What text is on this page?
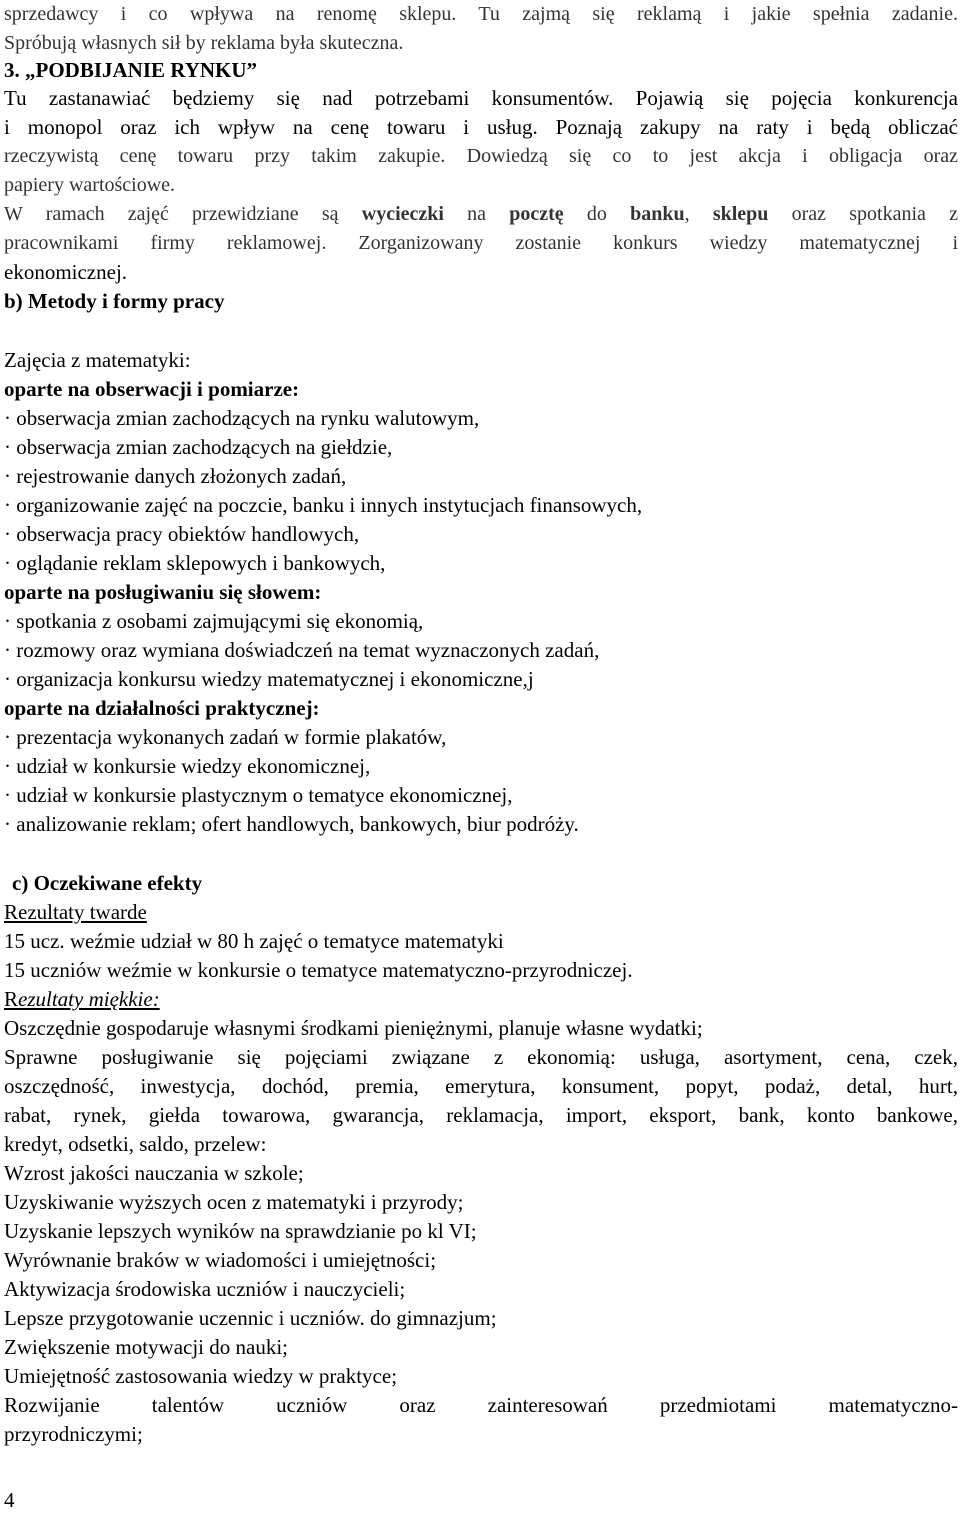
sprzedawcy i co wpływa na renomę sklepu. Tu zajmą się reklamą i jakie spełnia zadanie.
Spróbują własnych sił by reklama była skuteczna.
3. „PODBIJANIE RYNKU”
Tu zastanawiać będziemy się nad potrzebami konsumentów. Pojawią się pojęcia konkurencja
i monopol oraz ich wpływ na cenę towaru i usług. Poznają zakupy na raty i będą obliczać
rzeczywistą cenę towaru przy takim zakupie. Dowiedzą się co to jest akcja i obligacja oraz
papiery wartościowe.
W ramach zajęć przewidziane są wycieczki na pocztę do banku, sklepu oraz spotkania z
pracownikami firmy reklamowej. Zorganizowany zostanie konkurs wiedzy matematycznej i
ekonomicznej.
b) Metody i formy pracy
Zajęcia z matematyki:
oparte na obserwacji i pomiarze:
· obserwacja zmian zachodzących na rynku walutowym,
· obserwacja zmian zachodzących na giełdzie,
· rejestrowanie danych złożonych zadań,
· organizowanie zajęć na poczcie, banku i innych instytucjach finansowych,
· obserwacja pracy obiektów handlowych,
· oglądanie reklam sklepowych i bankowych,
oparte na posługiwaniu się słowem:
· spotkania z osobami zajmującymi się ekonomią,
· rozmowy oraz wymiana doświadczeń na temat wyznaczonych zadań,
· organizacja konkursu wiedzy matematycznej i ekonomiczne,j
oparte na działalności praktycznej:
· prezentacja wykonanych zadań w formie plakatów,
· udział w konkursie wiedzy ekonomicznej,
· udział w konkursie plastycznym o tematyce ekonomicznej,
· analizowanie reklam; ofert handlowych, bankowych, biur podróży.
c) Oczekiwane efekty
Rezultaty twarde
15 ucz. weźmie udział w 80 h zajęć o tematyce matematyki
15 uczniów weźmie w konkursie o tematyce matematyczno-przyrodniczej.
Rezultaty miękkie:
Oszczędnie gospodaruje własnymi środkami pieniężnymi, planuje własne wydatki;
Sprawne posługiwanie się pojęciami związane z ekonomią: usługa, asortyment, cena, czek,
oszczędność, inwestycja, dochód, premia, emerytura, konsument, popyt, podaż, detal, hurt,
rabat, rynek, giełda towarowa, gwarancja, reklamacja, import, eksport, bank, konto bankowe,
kredyt, odsetki, saldo, przelew:
Wzrost jakości nauczania w szkole;
Uzyskiwanie wyższych ocen z matematyki i przyrody;
Uzyskanie lepszych wyników na sprawdzianie po kl VI;
Wyrównanie braków w wiadomości i umiejętności;
Aktywizacja środowiska uczniów i nauczycieli;
Lepsze przygotowanie uczennic i uczniów. do gimnazjum;
Zwiększenie motywacji do nauki;
Umiejętność zastosowania wiedzy w praktyce;
Rozwijanie talentów uczniów oraz zainteresowań przedmiotami matematyczno-
przyrodniczymi;
4
